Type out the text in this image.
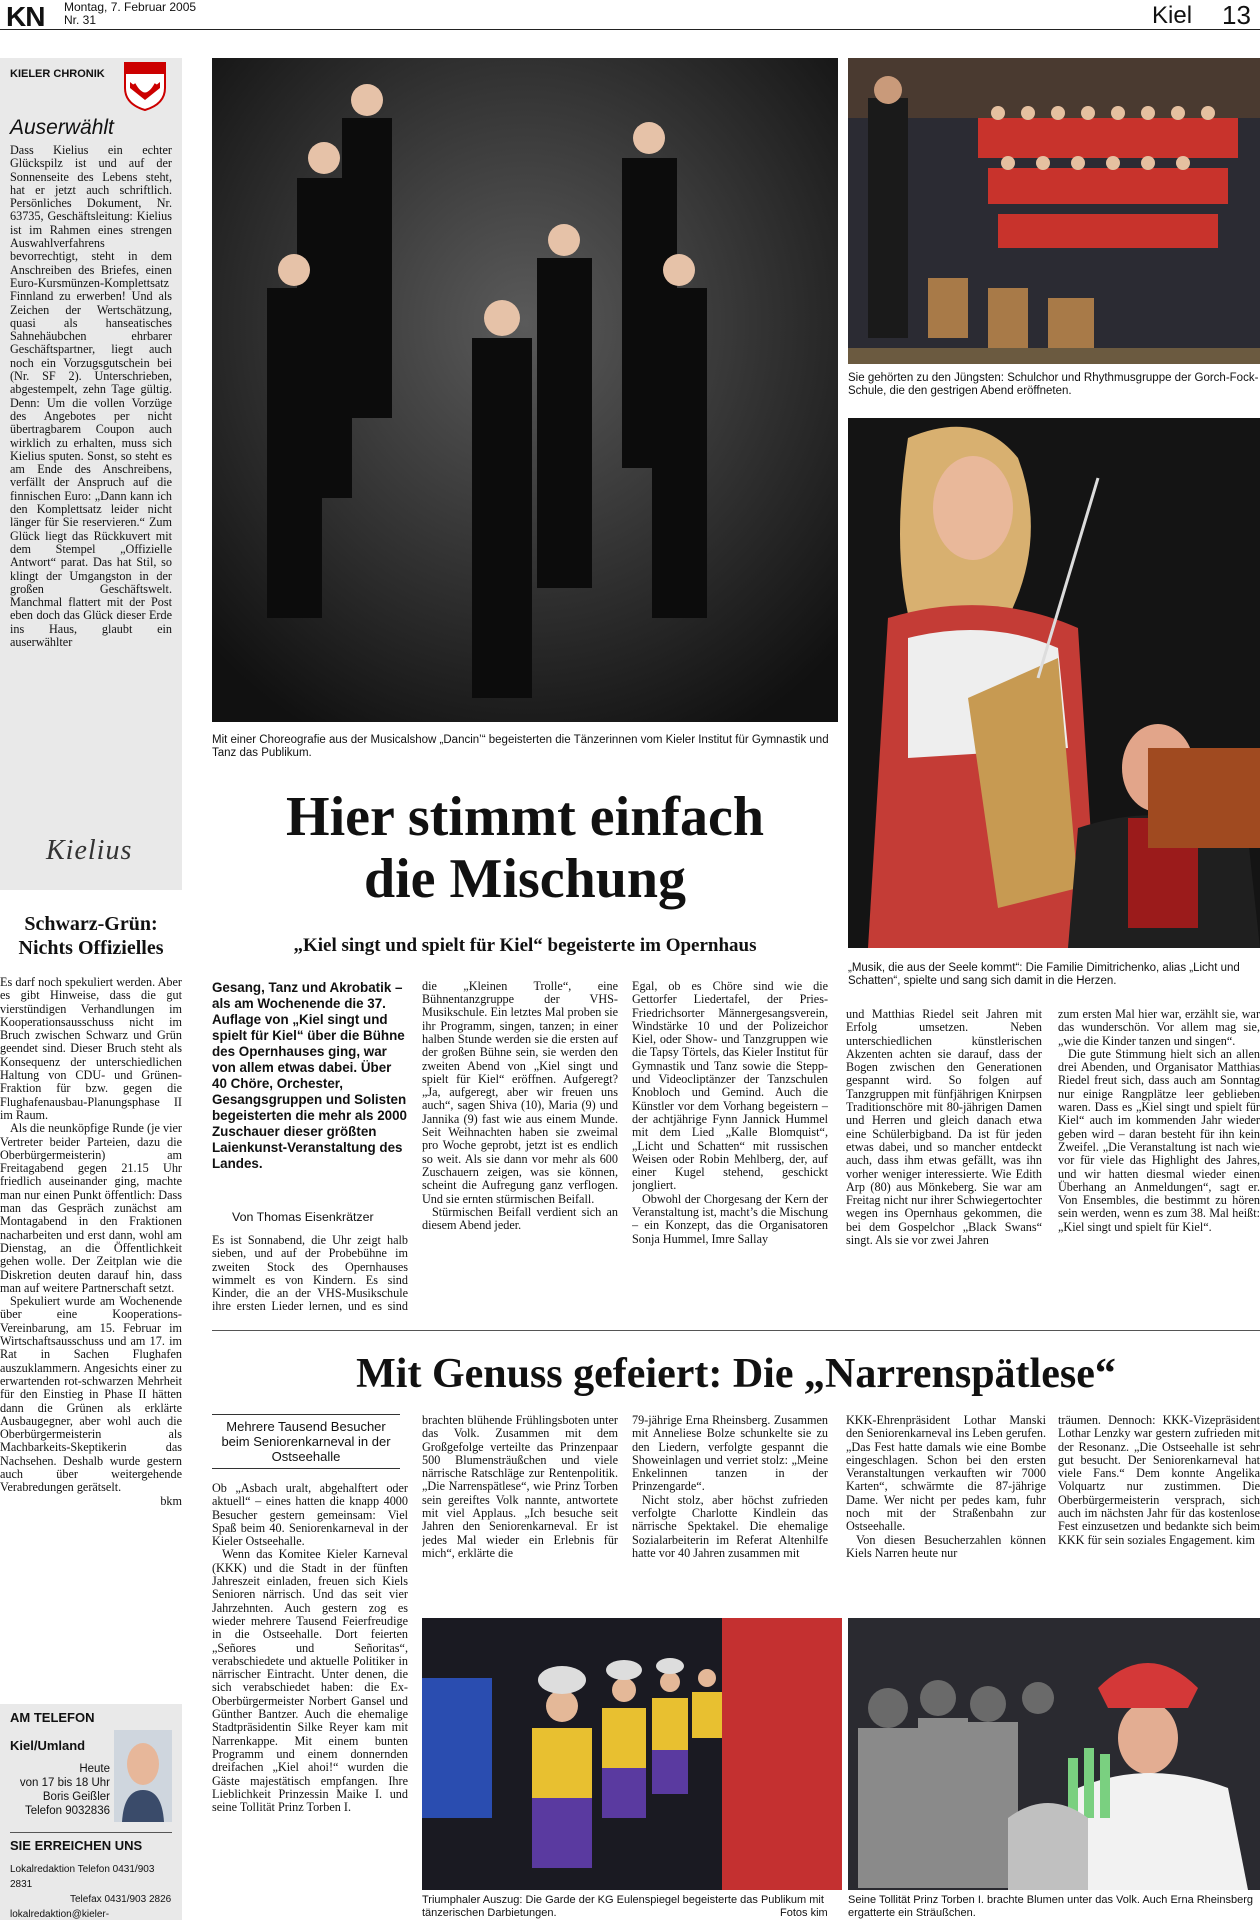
KN Montag, 7. Februar 2005
Nr. 31	Kiel 13
KIELER CHRONIK
Auserwählt

Dass Kielius ein echter Glückspilz ist und auf der Sonnenseite des Lebens steht, hat er jetzt auch schriftlich. Persönliches Dokument, Nr. 63735, Geschäftsleitung: Kielius ist im Rahmen eines strengen Auswahlverfahrens bevorrechtigt, steht in dem Anschreiben des Briefes, einen Euro-Kursmünzen-Komplettsatz Finnland zu erwerben! Und als Zeichen der Wertschätzung, quasi als hanseatisches Sahnehäubchen ehrbarer Geschäftspartner, liegt auch noch ein Vorzugsgutschein bei (Nr. SF 2). Unterschrieben, abgestempelt, zehn Tage gültig. Denn: Um die vollen Vorzüge des Angebotes per nicht übertragbarem Coupon auch wirklich zu erhalten, muss sich Kielius sputen. Sonst, so steht es am Ende des Anschreibens, verfällt der Anspruch auf die finnischen Euro: „Dann kann ich den Komplettsatz leider nicht länger für Sie reservieren.“ Zum Glück liegt das Rückkuvert mit dem Stempel „Offizielle Antwort“ parat. Das hat Stil, so klingt der Umgangston in der großen Geschäftswelt. Manchmal flattert mit der Post eben doch das Glück dieser Erde ins Haus, glaubt ein auserwählter

Kielius
Schwarz-Grün:
Nichts Offizielles

Es darf noch spekuliert werden. Aber es gibt Hinweise, dass die gut vierstündigen Verhandlungen im Kooperationsausschuss nicht im Bruch zwischen Schwarz und Grün geendet sind. Dieser Bruch steht als Konsequenz der unterschiedlichen Haltung von CDU- und Grünen-Fraktion für bzw. gegen die Flughafenausbau-Planungsphase II im Raum.

Als die neunköpfige Runde (je vier Vertreter beider Parteien, dazu die Oberbürgermeisterin) am Freitagabend gegen 21.15 Uhr friedlich auseinander ging, machte man nur einen Punkt öffentlich: Dass man das Gespräch zunächst am Montagabend in den Fraktionen nacharbeiten und erst dann, wohl am Dienstag, an die Öffentlichkeit gehen wolle. Der Zeitplan wie die Diskretion deuten darauf hin, dass man auf weitere Partnerschaft setzt.

Spekuliert wurde am Wochenende über eine Kooperations-Vereinbarung, am 15. Februar im Wirtschaftsausschuss und am 17. im Rat in Sachen Flughafen auszuklammern. Angesichts einer zu erwartenden rot-schwarzen Mehrheit für den Einstieg in Phase II hätten dann die Grünen als erklärte Ausbaugegner, aber wohl auch die Oberbürgermeisterin als Machbarkeits-Skeptikerin das Nachsehen. Deshalb wurde gestern auch über weitergehende Verabredungen gerätselt.

bkm
AM TELEFON
Kiel/Umland
Heute
von 17 bis 18 Uhr
Boris Geißler
Telefon 9032836
SIE ERREICHEN UNS
Lokalredaktion Telefon 0431/903 2831
Telefax 0431/903 2826
lokalredaktion@kieler-
Mit einer Choreografie aus der Musicalshow „Dancin’“ begeisterten die Tänzerinnen vom Kieler Institut für Gymnastik und Tanz das Publikum.
Sie gehörten zu den Jüngsten: Schulchor und Rhythmusgruppe der Gorch-Fock-Schule, die den gestrigen Abend eröffneten.
„Musik, die aus der Seele kommt“: Die Familie Dimitrichenko, alias „Licht und Schatten“, spielte und sang sich damit in die Herzen.
Hier stimmt einfach
die Mischung
„Kiel singt und spielt für Kiel“ begeisterte im Opernhaus
Gesang, Tanz und Akrobatik – als am Wochenende die 37. Auflage von „Kiel singt und spielt für Kiel“ über die Bühne des Opernhauses ging, war von allem etwas dabei. Über 40 Chöre, Orchester, Gesangsgruppen und Solisten begeisterten die mehr als 2000 Zuschauer dieser größten Laienkunst-Veranstaltung des Landes.
Von Thomas Eisenkrätzer

Es ist Sonnabend, die Uhr zeigt halb sieben, und auf der Probebühne im zweiten Stock des Opernhauses wimmelt es von Kindern. Es sind Kinder, die an der VHS-Musikschule ihre ersten Lieder lernen, und es sind

die „Kleinen Trolle“, eine Bühnentanzgruppe der VHS-Musikschule. Ein letztes Mal proben sie ihr Programm, singen, tanzen; in einer halben Stunde werden sie die ersten auf der großen Bühne sein, sie werden den zweiten Abend von „Kiel singt und spielt für Kiel“ eröffnen. Aufgeregt? „Ja, aufgeregt, aber wir freuen uns auch“, sagen Shiva (10), Maria (9) und Jannika (9) fast wie aus einem Munde. Seit Weihnachten haben sie zweimal pro Woche geprobt, jetzt ist es endlich so weit. Als sie dann vor mehr als 600 Zuschauern zeigen, was sie können, scheint die Aufregung ganz verflogen. Und sie ernten stürmischen Beifall.

Stürmischen Beifall verdient sich an diesem Abend jeder.

Egal, ob es Chöre sind wie die Gettorfer Liedertafel, der Pries-Friedrichsorter Männergesangsverein, Windstärke 10 und der Polizeichor Kiel, oder Show- und Tanzgruppen wie die Tapsy Törtels, das Kieler Institut für Gymnastik und Tanz sowie die Stepp- und Videocliptänzer der Tanzschulen Knobloch und Gemind. Auch die Künstler vor dem Vorhang begeistern – der achtjährige Fynn Jannick Hummel mit dem Lied „Kalle Blomquist“, „Licht und Schatten“ mit russischen Weisen oder Robin Mehlberg, der, auf einer Kugel stehend, geschickt jongliert.

Obwohl der Chorgesang der Kern der Veranstaltung ist, macht’s die Mischung – ein Konzept, das die Organisatoren Sonja Hummel, Imre Sallay

und Matthias Riedel seit Jahren mit Erfolg umsetzen. Neben unterschiedlichen künstlerischen Akzenten achten sie darauf, dass der Bogen zwischen den Generationen gespannt wird. So folgen auf Tanzgruppen mit fünfjährigen Knirpsen Traditionschöre mit 80-jährigen Damen und Herren und gleich danach etwa eine Schülerbigband. Da ist für jeden etwas dabei, und so mancher entdeckt auch, dass ihm etwas gefällt, was ihn vorher weniger interessierte. Wie Edith Arp (80) aus Mönkeberg. Sie war am Freitag nicht nur ihrer Schwiegertochter wegen ins Opernhaus gekommen, die bei dem Gospelchor „Black Swans“ singt. Als sie vor zwei Jahren

zum ersten Mal hier war, erzählt sie, war das wunderschön. Vor allem mag sie, „wie die Kinder tanzen und singen“.

Die gute Stimmung hielt sich an allen drei Abenden, und Organisator Matthias Riedel freut sich, dass auch am Sonntag nur einige Rangplätze leer geblieben waren. Dass es „Kiel singt und spielt für Kiel“ auch im kommenden Jahr wieder geben wird – daran besteht für ihn kein Zweifel. „Die Veranstaltung ist nach wie vor für viele das Highlight des Jahres, und wir hatten diesmal wieder einen Überhang an Anmeldungen“, sagt er. Von Ensembles, die bestimmt zu hören sein werden, wenn es zum 38. Mal heißt: „Kiel singt und spielt für Kiel“.

Mit Genuss gefeiert: Die „Narrenspätlese“
Mehrere Tausend Besucher beim Seniorenkarneval in der Ostseehalle

Ob „Asbach uralt, abgehalftert oder aktuell“ – eines hatten die knapp 4000 Besucher gestern gemeinsam: Viel Spaß beim 40. Seniorenkarneval in der Kieler Ostseehalle.

Wenn das Komitee Kieler Karneval (KKK) und die Stadt in der fünften Jahreszeit einladen, freuen sich Kiels Senioren närrisch. Und das seit vier Jahrzehnten. Auch gestern zog es wieder mehrere Tausend Feierfreudige in die Ostseehalle. Dort feierten „Señores und Señoritas“, verabschiedete und aktuelle Politiker in närrischer Eintracht. Unter denen, die sich verabschiedet haben: die Ex-Oberbürgermeister Norbert Gansel und Günther Bantzer. Auch die ehemalige Stadtpräsidentin Silke Reyer kam mit Narrenkappe. Mit einem bunten Programm und einem donnernden dreifachen „Kiel ahoi!“ wurden die Gäste majestätisch empfangen. Ihre Lieblichkeit Prinzessin Maike I. und seine Tollität Prinz Torben I.

brachten blühende Frühlingsboten unter das Volk. Zusammen mit dem Großgefolge verteilte das Prinzenpaar 500 Blumensträußchen und viele närrische Ratschläge zur Rentenpolitik. „Die Narrenspätlese“, wie Prinz Torben sein gereiftes Volk nannte, antwortete mit viel Applaus. „Ich besuche seit Jahren den Seniorenkarneval. Er ist jedes Mal wieder ein Erlebnis für mich“, erklärte die

79-jährige Erna Rheinsberg. Zusammen mit Anneliese Bolze schunkelte sie zu den Liedern, verfolgte gespannt die Showeinlagen und verriet stolz: „Meine Enkelinnen tanzen in der Prinzengarde“.

Nicht stolz, aber höchst zufrieden verfolgte Charlotte Kindlein das närrische Spektakel. Die ehemalige Sozialarbeiterin im Referat Altenhilfe hatte vor 40 Jahren zusammen mit

KKK-Ehrenpräsident Lothar Manski den Seniorenkarneval ins Leben gerufen. „Das Fest hatte damals wie eine Bombe eingeschlagen. Schon bei den ersten Veranstaltungen verkauften wir 7000 Karten“, schwärmte die 87-jährige Dame. Wer nicht per pedes kam, fuhr noch mit der Straßenbahn zur Ostseehalle.

Von diesen Besucherzahlen können Kiels Narren heute nur

träumen. Dennoch: KKK-Vizepräsident Lothar Lenzky war gestern zufrieden mit der Resonanz. „Die Ostseehalle ist sehr gut besucht. Der Seniorenkarneval hat viele Fans.“ Dem konnte Angelika Volquartz nur zustimmen. Die Oberbürgermeisterin versprach, sich auch im nächsten Jahr für das kostenlose Fest einzusetzen und bedankte sich beim KKK für sein soziales Engagement. kim

Triumphaler Auszug: Die Garde der KG Eulenspiegel begeisterte das Publikum mit tänzerischen Darbietungen.	Fotos kim
Seine Tollität Prinz Torben I. brachte Blumen unter das Volk. Auch Erna Rheinsberg ergatterte ein Sträußchen.
